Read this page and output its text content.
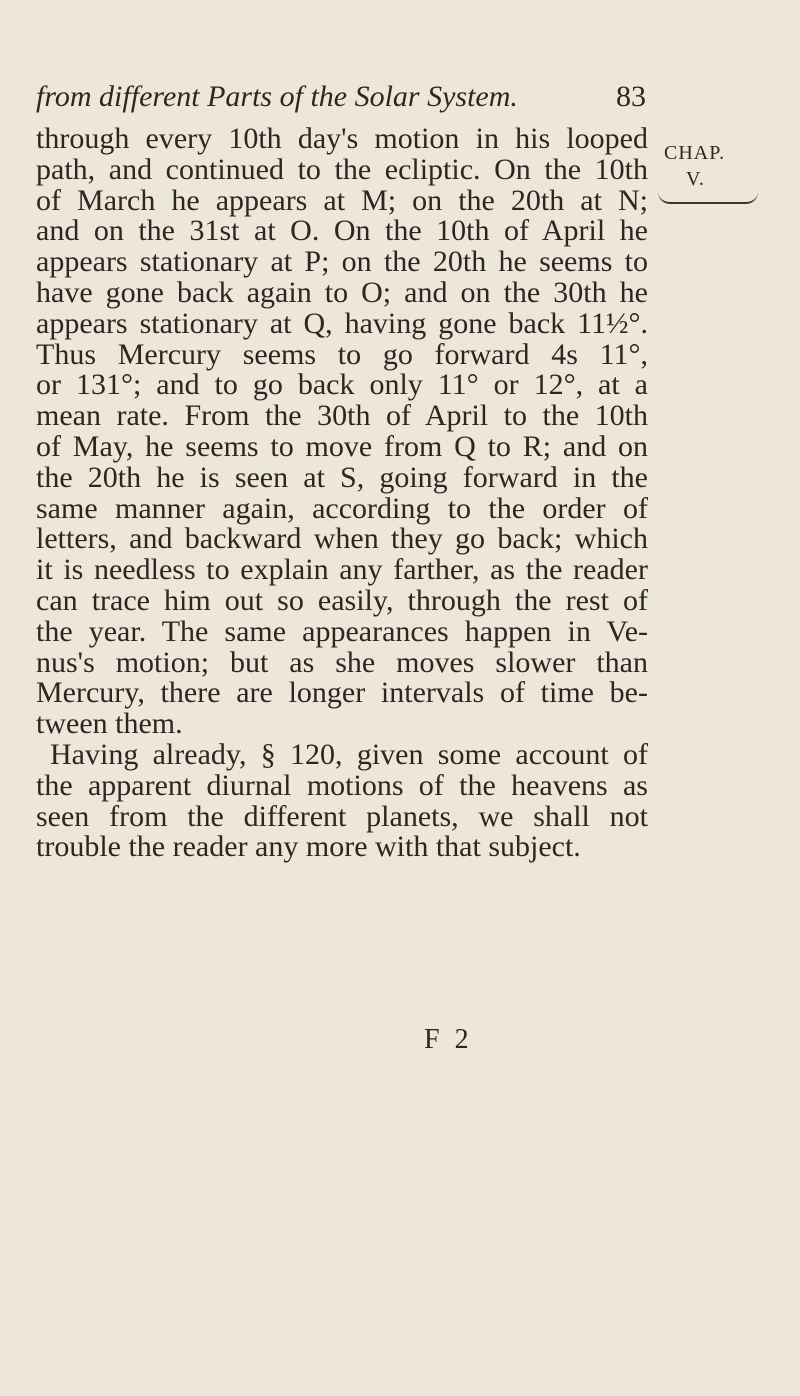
from different Parts of the Solar System.	83
CHAP.
V.
through every 10th day's motion in his looped
path, and continued to the ecliptic. On the 10th
of March he appears at M; on the 20th at N;
and on the 31st at O. On the 10th of April he
appears stationary at P; on the 20th he seems to
have gone back again to O; and on the 30th he
appears stationary at Q, having gone back 11½°.
Thus Mercury seems to go forward 4s 11°,
or 131°; and to go back only 11° or 12°, at a
mean rate. From the 30th of April to the 10th
of May, he seems to move from Q to R; and on
the 20th he is seen at S, going forward in the
same manner again, according to the order of
letters, and backward when they go back; which
it is needless to explain any farther, as the reader
can trace him out so easily, through the rest of
the year. The same appearances happen in Ve-
nus's motion; but as she moves slower than
Mercury, there are longer intervals of time be-
tween them.
Having already, § 120, given some account of
the apparent diurnal motions of the heavens as
seen from the different planets, we shall not
trouble the reader any more with that subject.
F 2
